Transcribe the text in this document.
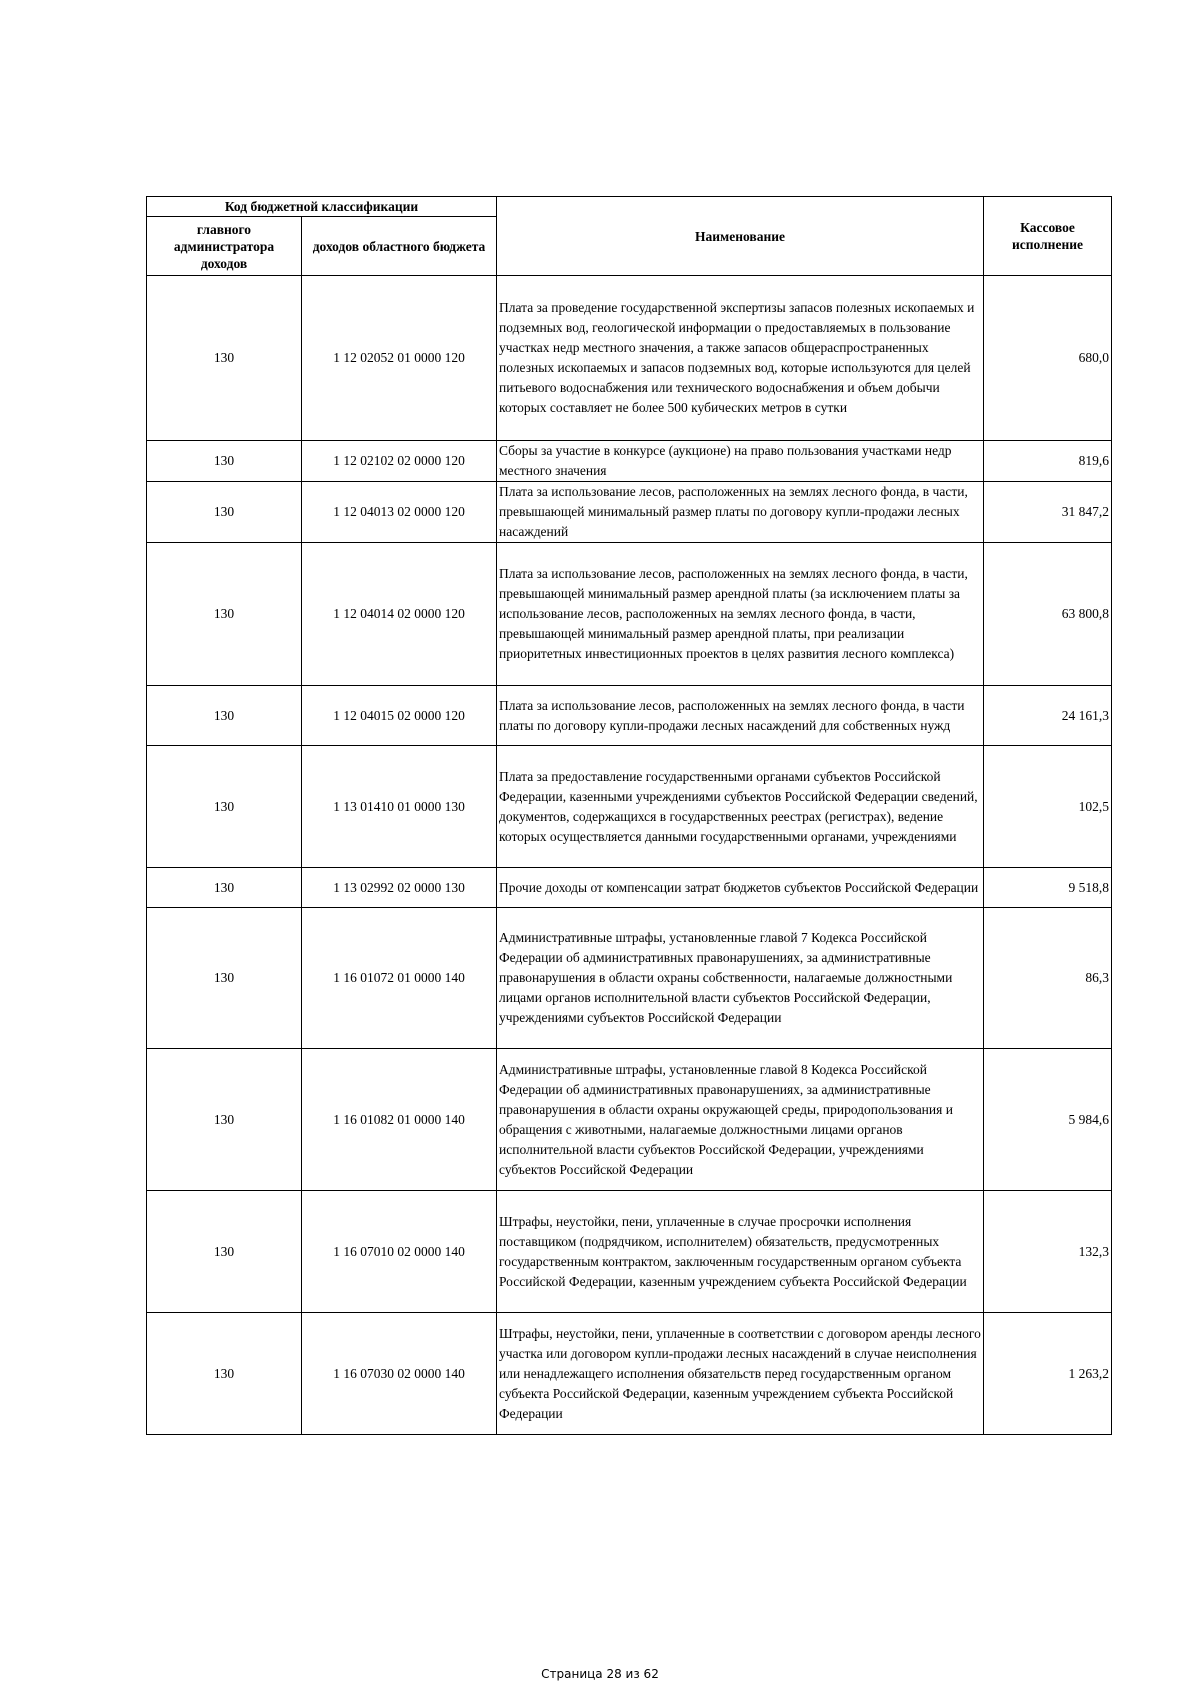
Код бюджетной классификации		Наименование	Кассовое исполнение
главного администратора доходов	доходов областного бюджета		
130	1 12 02052 01 0000 120	Плата за проведение государственной экспертизы запасов полезных ископаемых и подземных вод, геологической информации о предоставляемых в пользование участках недр местного значения, а также запасов общераспространенных полезных ископаемых и запасов подземных вод, которые используются для целей питьевого водоснабжения или технического водоснабжения и объем добычи которых составляет не более 500 кубических метров в сутки	680,0
130	1 12 02102 02 0000 120	Сборы за участие в конкурсе (аукционе) на право пользования участками недр местного значения	819,6
130	1 12 04013 02 0000 120	Плата за использование лесов, расположенных на землях лесного фонда, в части, превышающей минимальный размер платы по договору купли-продажи лесных насаждений	31 847,2
130	1 12 04014 02 0000 120	Плата за использование лесов, расположенных на землях лесного фонда, в части, превышающей минимальный размер арендной платы (за исключением платы за использование лесов, расположенных на землях лесного фонда, в части, превышающей минимальный размер арендной платы, при реализации приоритетных инвестиционных проектов в целях развития лесного комплекса)	63 800,8
130	1 12 04015 02 0000 120	Плата за использование лесов, расположенных на землях лесного фонда, в части платы по договору купли-продажи лесных насаждений для собственных нужд	24 161,3
130	1 13 01410 01 0000 130	Плата за предоставление государственными органами субъектов Российской Федерации, казенными учреждениями субъектов Российской Федерации сведений, документов, содержащихся в государственных реестрах (регистрах), ведение которых осуществляется данными государственными органами, учреждениями	102,5
130	1 13 02992 02 0000 130	Прочие доходы от компенсации затрат бюджетов субъектов Российской Федерации	9 518,8
130	1 16 01072 01 0000 140	Административные штрафы, установленные главой 7 Кодекса Российской Федерации об административных правонарушениях, за административные правонарушения в области охраны собственности, налагаемые должностными лицами органов исполнительной власти субъектов Российской Федерации, учреждениями субъектов Российской Федерации	86,3
130	1 16 01082 01 0000 140	Административные штрафы, установленные главой 8 Кодекса Российской Федерации об административных правонарушениях, за административные правонарушения в области охраны окружающей среды, природопользования и обращения с животными, налагаемые должностными лицами органов исполнительной власти субъектов Российской Федерации, учреждениями субъектов Российской Федерации	5 984,6
130	1 16 07010 02 0000 140	Штрафы, неустойки, пени, уплаченные в случае просрочки исполнения поставщиком (подрядчиком, исполнителем) обязательств, предусмотренных государственным контрактом, заключенным государственным органом субъекта Российской Федерации, казенным учреждением субъекта Российской Федерации	132,3
130	1 16 07030 02 0000 140	Штрафы, неустойки, пени, уплаченные в соответствии с договором аренды лесного участка или договором купли-продажи лесных насаждений в случае неисполнения или ненадлежащего исполнения обязательств перед государственным органом субъекта Российской Федерации, казенным учреждением субъекта Российской Федерации	1 263,2
Страница 28 из 62
